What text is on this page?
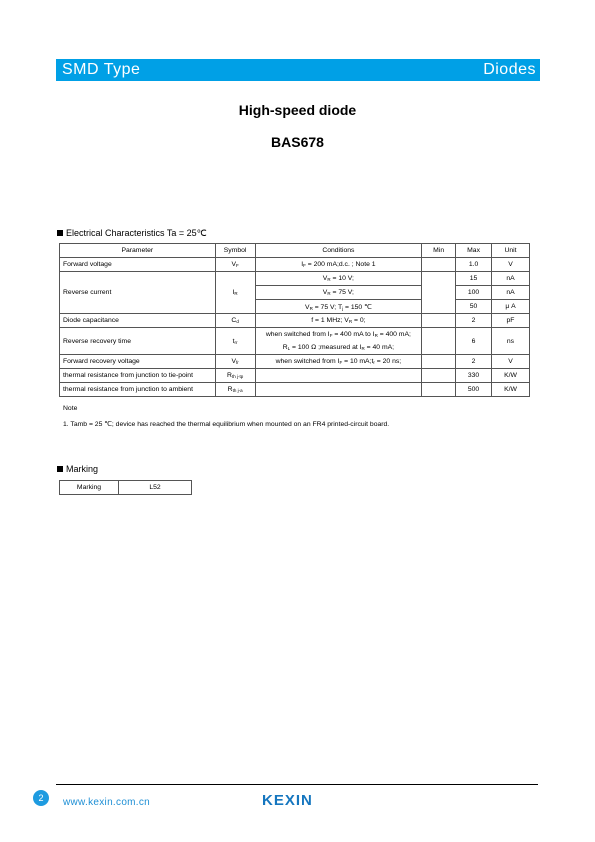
SMD Type	Diodes
High-speed diode
BAS678
Electrical Characteristics Ta = 25℃
Parameter	Symbol	Conditions	Min	Max	Unit
Forward voltage	$V_F$	$I_F = 200$ mA;d.c. ; Note 1		1.0	V
Reverse current	$I_R$	$V_R = 10$ V;		15	nA
		$V_R = 75$ V;		100	nA
		$V_R = 75$ V; $T_j = 150$ ℃		50	μ A
Diode capacitance	$C_d$	f = 1 MHz; $V_R = 0$;		2	pF
Reverse recovery time	$t_{rr}$	when switched from $I_F = 400$ mA to $I_R = 400$ mA;		6	ns
		$R_L = 100$ Ω ;measured at $I_R = 40$ mA;			
Forward recovery voltage	$V_{fr}$	when switched from $I_F = 10$ $mA;t_r = 20$ ns;		2	V
thermal resistance from junction to tie-point	$R_{th j-tp}$			330	K/W
thermal resistance from junction to ambient	$R_{th j-a}$			500	K/W
Note
1. Tamb = 25 ℃; device has reached the thermal equilibrium when mounted on an FR4 printed-circuit board.
Marking
Marking	L52
2	www.kexin.com.cn	KEXIN
